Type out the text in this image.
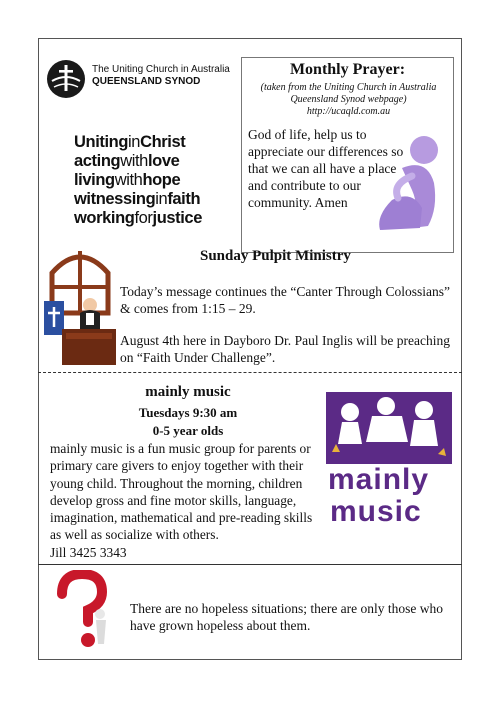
The Uniting Church in Australia
QUEENSLAND SYNOD
Monthly Prayer:
(taken from the Uniting Church in Australia Queensland Synod webpage)
http://ucaqld.com.au
God of life, help us to appreciate our differences so that we can all have a place and contribute to our community. Amen
UnitinginChrist
actingwithlove
livingwithhope
witnessinginfaith
workingforjustice
Sunday Pulpit Ministry
Today’s message continues the “Canter Through Colossians” & comes from 1:15 – 29.
August 4th here in Dayboro Dr. Paul Inglis will be preaching on “Faith Under Challenge”.
mainly music
Tuesdays 9:30 am
0-5 year olds
mainly music is a fun music group for parents or primary care givers to enjoy together with their young child. Throughout the morning, children develop gross and fine motor skills, language, imagination, mathematical and pre-reading skills as well as socialize with others.
Jill 3425 3343
mainly
music
There are no hopeless situations; there are only those who have grown hopeless about them.
